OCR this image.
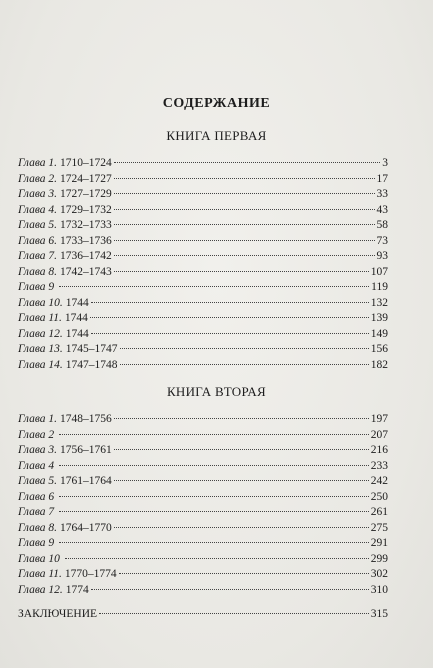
СОДЕРЖАНИЕ
КНИГА ПЕРВАЯ
Глава 1. 1710–1724	3
Глава 2. 1724–1727	17
Глава 3. 1727–1729	33
Глава 4. 1729–1732	43
Глава 5. 1732–1733	58
Глава 6. 1733–1736	73
Глава 7. 1736–1742	93
Глава 8. 1742–1743	107
Глава 9	119
Глава 10. 1744	132
Глава 11. 1744	139
Глава 12. 1744	149
Глава 13. 1745–1747	156
Глава 14. 1747–1748	182
КНИГА ВТОРАЯ
Глава 1. 1748–1756	197
Глава 2	207
Глава 3. 1756–1761	216
Глава 4	233
Глава 5. 1761–1764	242
Глава 6	250
Глава 7	261
Глава 8. 1764–1770	275
Глава 9	291
Глава 10	299
Глава 11. 1770–1774	302
Глава 12. 1774	310
ЗАКЛЮЧЕНИЕ	315
